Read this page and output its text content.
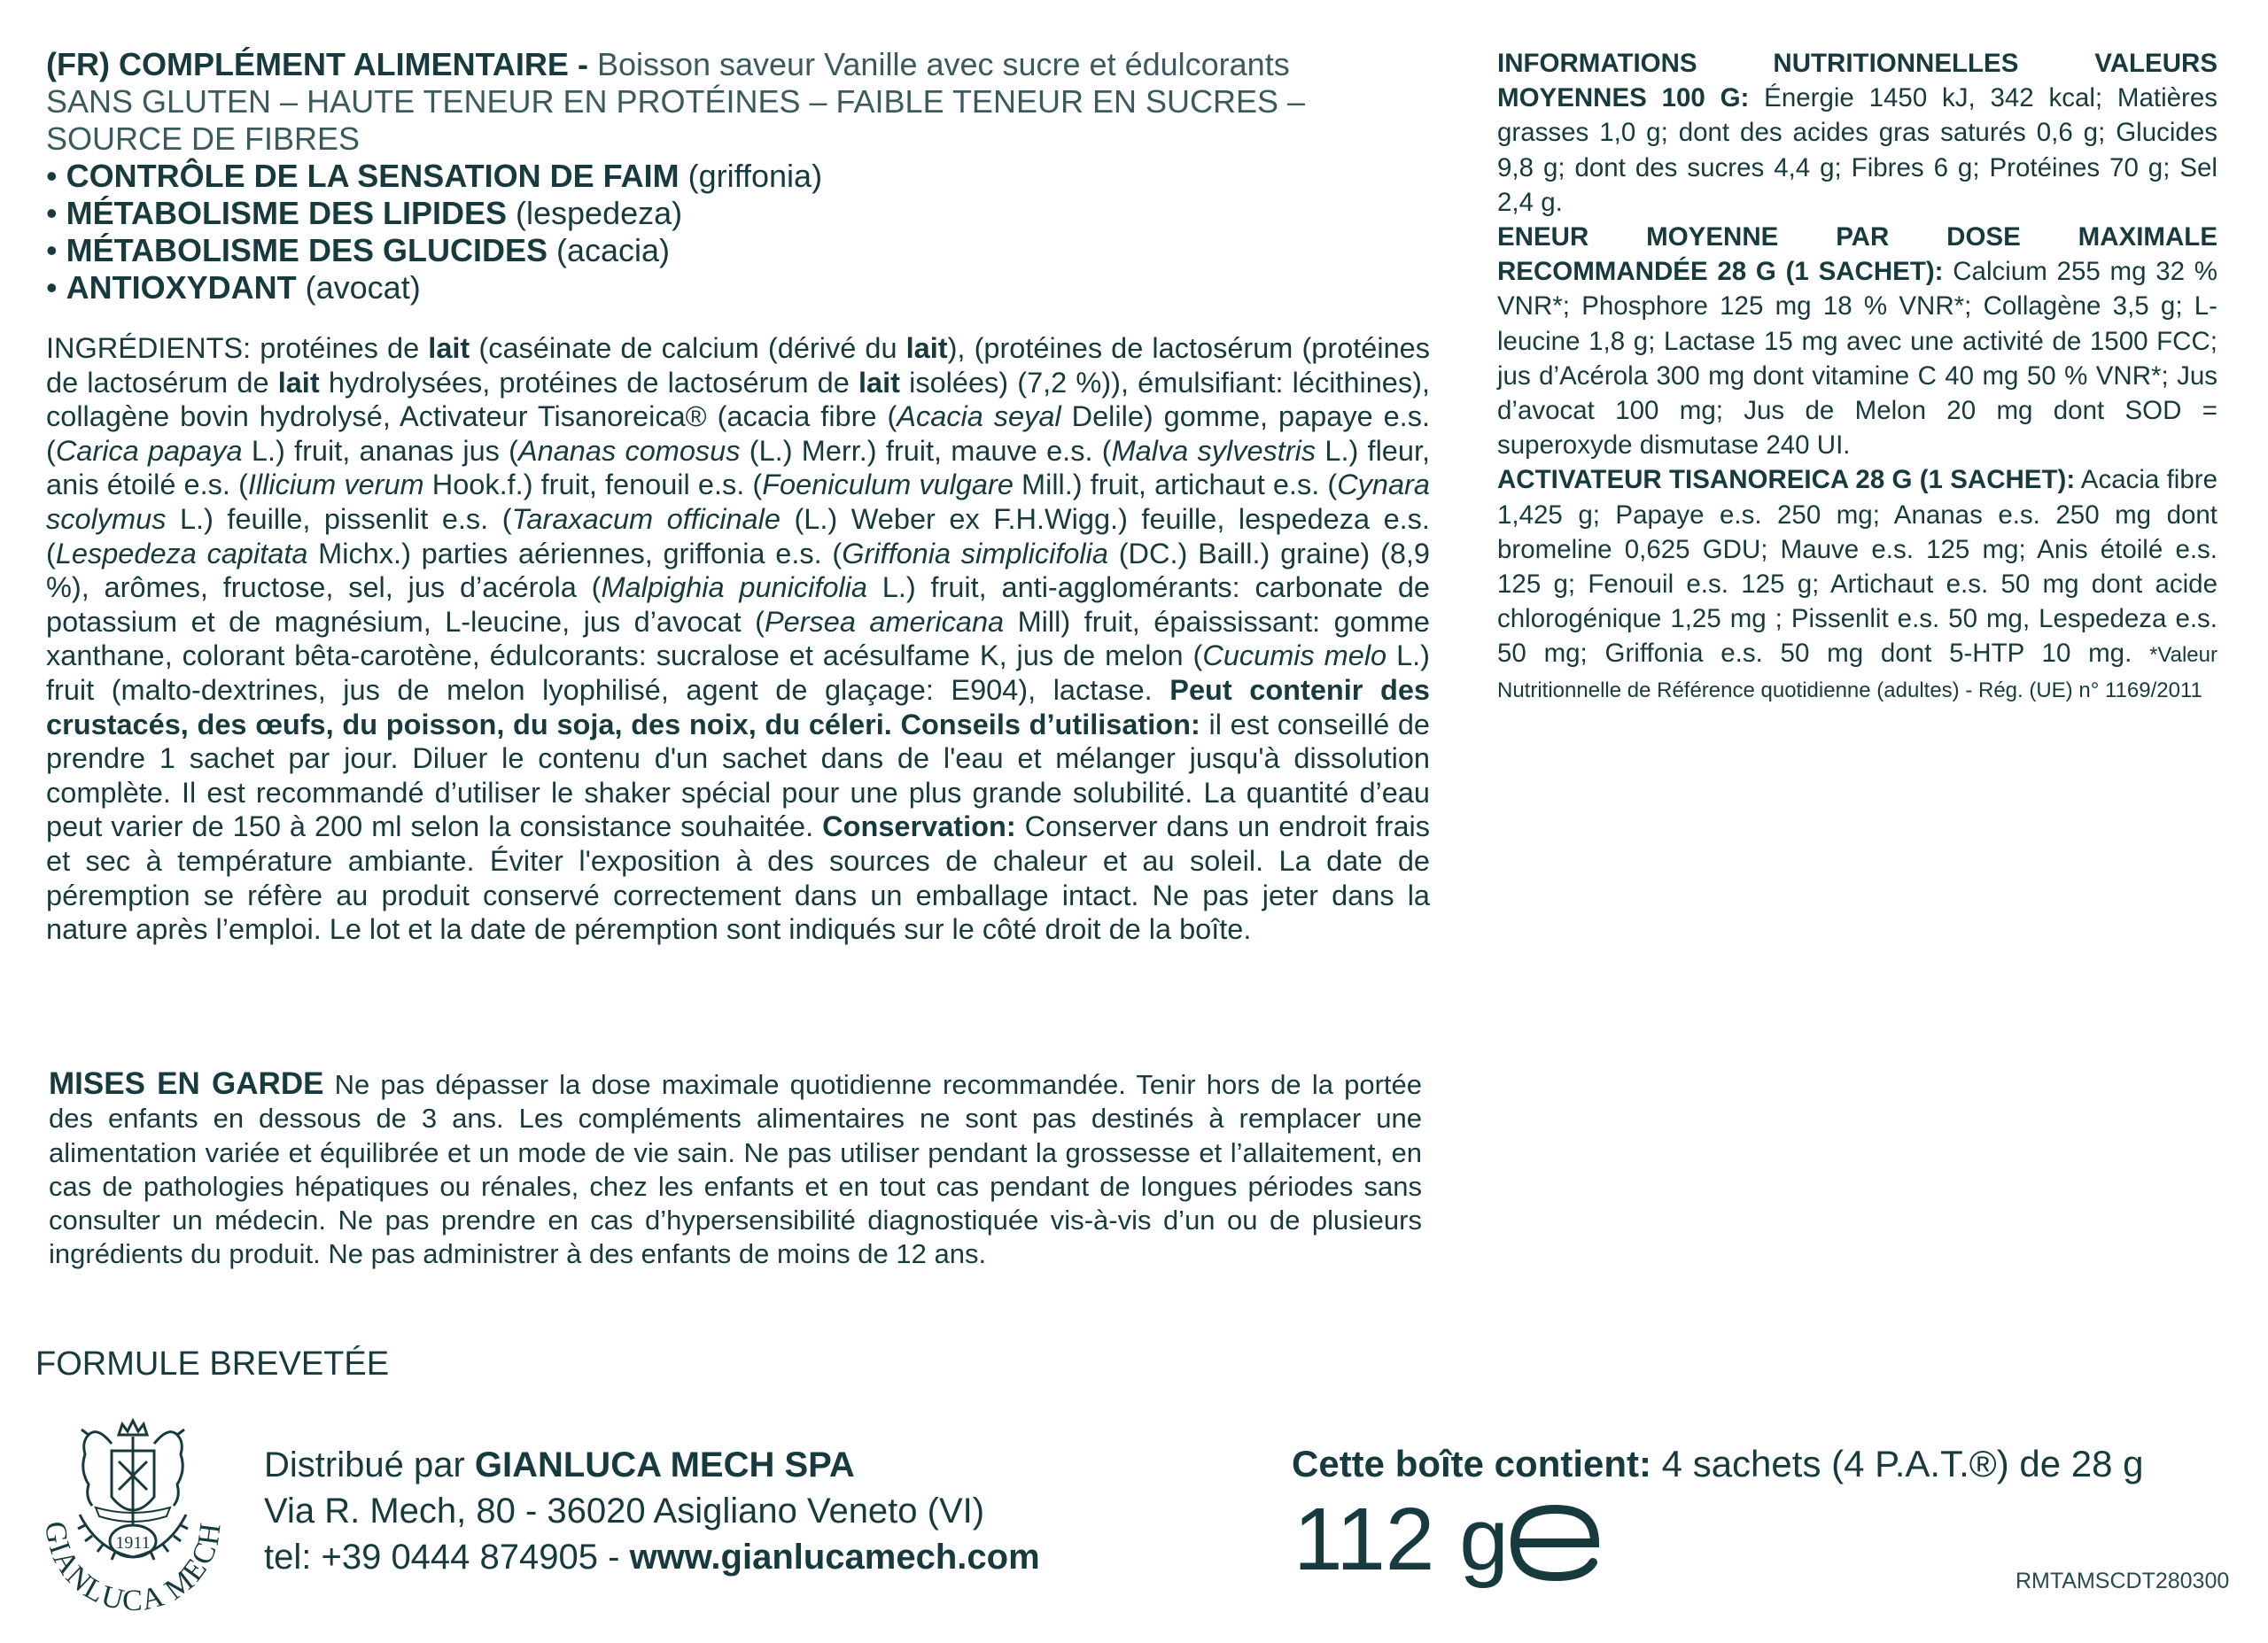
(FR) COMPLÉMENT ALIMENTAIRE - Boisson saveur Vanille avec sucre et édulcorants
SANS GLUTEN – HAUTE TENEUR EN PROTÉINES – FAIBLE TENEUR EN SUCRES – SOURCE DE FIBRES
• CONTRÔLE DE LA SENSATION DE FAIM (griffonia)
• MÉTABOLISME DES LIPIDES (lespedeza)
• MÉTABOLISME DES GLUCIDES (acacia)
• ANTIOXYDANT (avocat)
INGRÉDIENTS: protéines de lait (caséinate de calcium (dérivé du lait), (protéines de lactosérum (protéines de lactosérum de lait hydrolysées, protéines de lactosérum de lait isolées) (7,2 %)), émulsifiant: lécithines), collagène bovin hydrolysé, Activateur Tisanoreica® (acacia fibre (Acacia seyal Delile) gomme, papaye e.s. (Carica papaya L.) fruit, ananas jus (Ananas comosus (L.) Merr.) fruit, mauve e.s. (Malva sylvestris L.) fleur, anis étoilé e.s. (Illicium verum Hook.f.) fruit, fenouil e.s. (Foeniculum vulgare Mill.) fruit, artichaut e.s. (Cynara scolymus L.) feuille, pissenlit e.s. (Taraxacum officinale (L.) Weber ex F.H.Wigg.) feuille, lespedeza e.s. (Lespedeza capitata Michx.) parties aériennes, griffonia e.s. (Griffonia simplicifolia (DC.) Baill.) graine) (8,9 %), arômes, fructose, sel, jus d’acérola (Malpighia punicifolia L.) fruit, anti-agglomérants: carbonate de potassium et de magnésium, L-leucine, jus d’avocat (Persea americana Mill) fruit, épaississant: gomme xanthane, colorant bêta-carotène, édulcorants: sucralose et acésulfame K, jus de melon (Cucumis melo L.) fruit (malto-dextrines, jus de melon lyophilisé, agent de glaçage: E904), lactase. Peut contenir des crustacés, des œufs, du poisson, du soja, des noix, du céleri. Conseils d’utilisation: il est conseillé de prendre 1 sachet par jour. Diluer le contenu d'un sachet dans de l'eau et mélanger jusqu'à dissolution complète. Il est recommandé d’utiliser le shaker spécial pour une plus grande solubilité. La quantité d’eau peut varier de 150 à 200 ml selon la consistance souhaitée. Conservation: Conserver dans un endroit frais et sec à température ambiante. Éviter l'exposition à des sources de chaleur et au soleil. La date de péremption se réfère au produit conservé correctement dans un emballage intact. Ne pas jeter dans la nature après l’emploi. Le lot et la date de péremption sont indiqués sur le côté droit de la boîte.
MISES EN GARDE Ne pas dépasser la dose maximale quotidienne recommandée. Tenir hors de la portée des enfants en dessous de 3 ans. Les compléments alimentaires ne sont pas destinés à remplacer une alimentation variée et équilibrée et un mode de vie sain. Ne pas utiliser pendant la grossesse et l’allaitement, en cas de pathologies hépatiques ou rénales, chez les enfants et en tout cas pendant de longues périodes sans consulter un médecin. Ne pas prendre en cas d’hypersensibilité diagnostiquée vis-à-vis d’un ou de plusieurs ingrédients du produit. Ne pas administrer à des enfants de moins de 12 ans.
INFORMATIONS NUTRITIONNELLES VALEURS MOYENNES 100 G: Énergie 1450 kJ, 342 kcal; Matières grasses 1,0 g; dont des acides gras saturés 0,6 g; Glucides 9,8 g; dont des sucres 4,4 g; Fibres 6 g; Protéines 70 g; Sel 2,4 g.
ENEUR MOYENNE PAR DOSE MAXIMALE RECOMMANDÉE 28 G (1 SACHET): Calcium 255 mg 32 % VNR*; Phosphore 125 mg 18 % VNR*; Collagène 3,5 g; L-leucine 1,8 g; Lactase 15 mg avec une activité de 1500 FCC; jus d’Acérola 300 mg dont vitamine C 40 mg 50 % VNR*; Jus d’avocat 100 mg; Jus de Melon 20 mg dont SOD = superoxyde dismutase 240 UI.
ACTIVATEUR TISANOREICA 28 G (1 SACHET): Acacia fibre 1,425 g; Papaye e.s. 250 mg; Ananas e.s. 250 mg dont bromeline 0,625 GDU; Mauve e.s. 125 mg; Anis étoilé e.s. 125 g; Fenouil e.s. 125 g; Artichaut e.s. 50 mg dont acide chlorogénique 1,25 mg ; Pissenlit e.s. 50 mg, Lespedeza e.s. 50 mg; Griffonia e.s. 50 mg dont 5-HTP 10 mg. *Valeur Nutritionnelle de Référence quotidienne (adultes) - Rég. (UE) n° 1169/2011
FORMULE BREVETÉE
1911
GIANLUCA MECH
Distribué par GIANLUCA MECH SPA
Via R. Mech, 80 - 36020 Asigliano Veneto (VI)
tel: +39 0444 874905 - www.gianlucamech.com
Cette boîte contient: 4 sachets (4 P.A.T.®) de 28 g
112 g	RMTAMSCDT280300
